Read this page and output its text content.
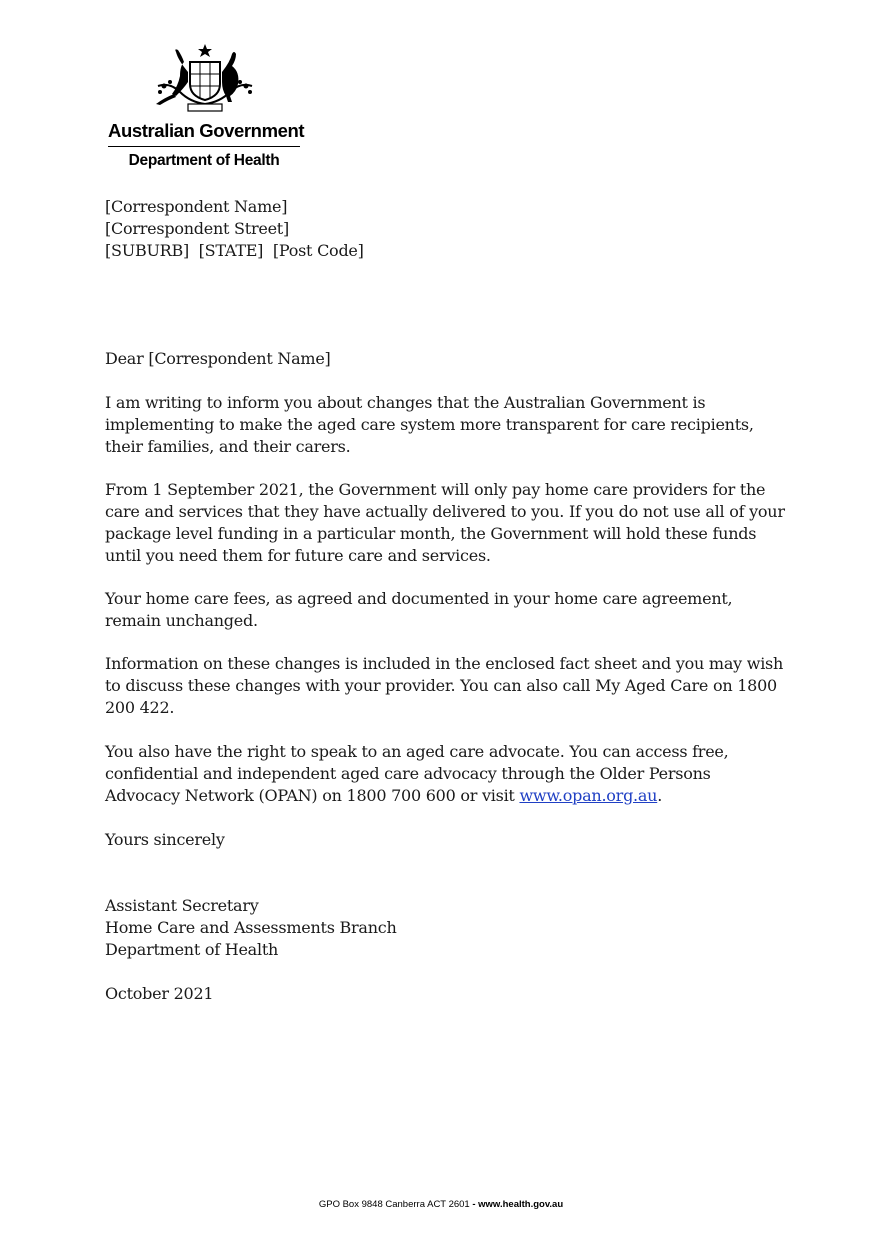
Australian Government
Department of Health
[Correspondent Name]
[Correspondent Street]
[SUBURB]  [STATE]  [Post Code]

Dear [Correspondent Name]

I am writing to inform you about changes that the Australian Government is implementing to make the aged care system more transparent for care recipients, their families, and their carers.

From 1 September 2021, the Government will only pay home care providers for the care and services that they have actually delivered to you. If you do not use all of your package level funding in a particular month, the Government will hold these funds until you need them for future care and services.

Your home care fees, as agreed and documented in your home care agreement, remain unchanged.

Information on these changes is included in the enclosed fact sheet and you may wish to discuss these changes with your provider. You can also call My Aged Care on 1800 200 422.

You also have the right to speak to an aged care advocate. You can access free, confidential and independent aged care advocacy through the Older Persons Advocacy Network (OPAN) on 1800 700 600 or visit www.opan.org.au.

Yours sincerely

Assistant Secretary
Home Care and Assessments Branch
Department of Health

October 2021

GPO Box 9848 Canberra ACT 2601 - www.health.gov.au
